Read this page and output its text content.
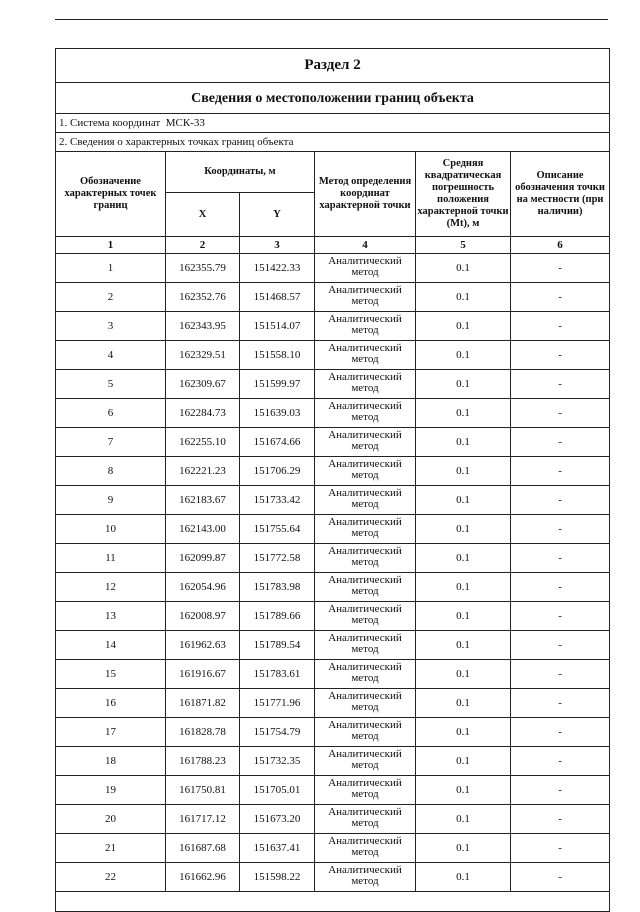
Раздел 2					
Сведения о местоположении границ объекта					
1. Система координат МСК-33					
2. Сведения о характерных точках границ объекта					
Обозначение характерных точек границ	Координаты, м		Метод определения координат характерной точки	Средняя квадратическая погрешность положения характерной точки (Mt), м	Описание обозначения точки на местности (при наличии)
	X	Y			
1	2	3	4	5	6
1	162355.79	151422.33	Аналитический метод	0.1	-
2	162352.76	151468.57	Аналитический метод	0.1	-
3	162343.95	151514.07	Аналитический метод	0.1	-
4	162329.51	151558.10	Аналитический метод	0.1	-
5	162309.67	151599.97	Аналитический метод	0.1	-
6	162284.73	151639.03	Аналитический метод	0.1	-
7	162255.10	151674.66	Аналитический метод	0.1	-
8	162221.23	151706.29	Аналитический метод	0.1	-
9	162183.67	151733.42	Аналитический метод	0.1	-
10	162143.00	151755.64	Аналитический метод	0.1	-
11	162099.87	151772.58	Аналитический метод	0.1	-
12	162054.96	151783.98	Аналитический метод	0.1	-
13	162008.97	151789.66	Аналитический метод	0.1	-
14	161962.63	151789.54	Аналитический метод	0.1	-
15	161916.67	151783.61	Аналитический метод	0.1	-
16	161871.82	151771.96	Аналитический метод	0.1	-
17	161828.78	151754.79	Аналитический метод	0.1	-
18	161788.23	151732.35	Аналитический метод	0.1	-
19	161750.81	151705.01	Аналитический метод	0.1	-
20	161717.12	151673.20	Аналитический метод	0.1	-
21	161687.68	151637.41	Аналитический метод	0.1	-
22	161662.96	151598.22	Аналитический метод	0.1	-
